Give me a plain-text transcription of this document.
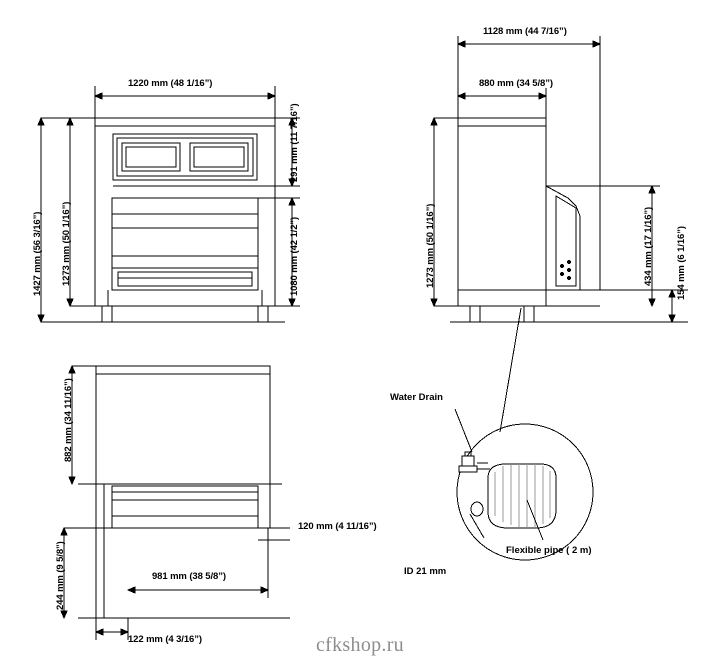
1220 mm (48 1/16”)
1427 mm (56 3/16”) 1273 mm (50 1/16”)
291 mm (11 7/16”)
1080 mm (42 1/2”)
1128 mm (44 7/16”)
880 mm (34 5/8”)
1273 mm (50 1/16”)	434 mm (17 1/16”) 154 mm (6 1/16”)
882 mm (34 11/16”)
244 mm (9 5/8”)
122 mm (4 3/16”)
981 mm (38 5/8”)
120 mm (4 11/16”)
Water Drain
Flexible pipe ( 2 m)
ID 21 mm
cfkshop.ru
